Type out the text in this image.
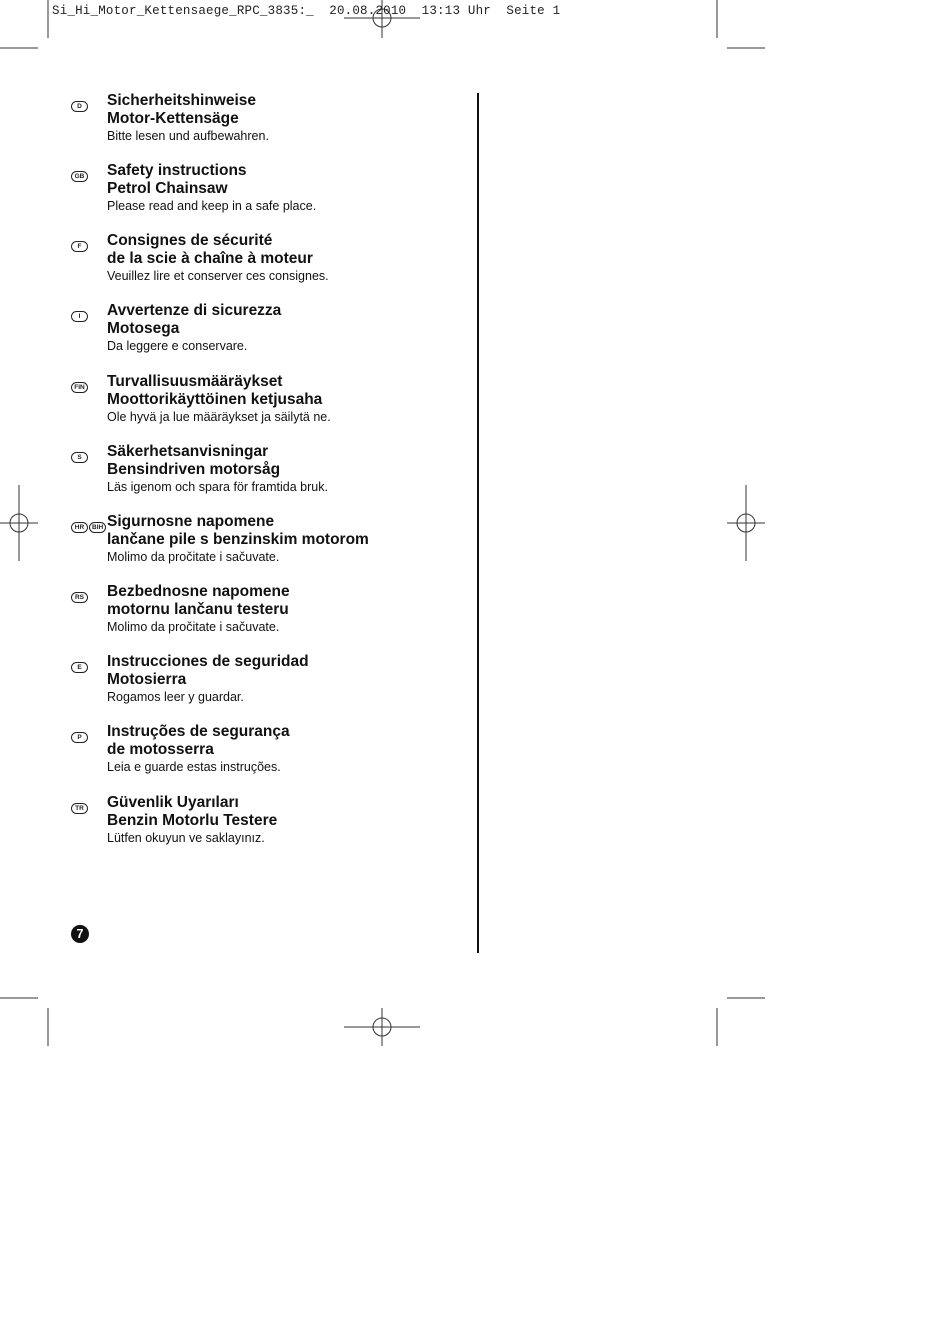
Si_Hi_Motor_Kettensaege_RPC_3835:_  20.08.2010  13:13 Uhr  Seite 1
D	Sicherheitshinweise
Motor-Kettensäge
Bitte lesen und aufbewahren.
GB Safety instructions
Petrol Chainsaw
Please read and keep in a safe place.
F	Consignes de sécurité
de la scie à chaîne à moteur
Veuillez lire et conserver ces consignes.
I	Avvertenze di sicurezza
Motosega
Da leggere e conservare.
FIN Turvallisuusmääräykset
Moottorikäyttöinen ketjusaha
Ole hyvä ja lue määräykset ja säilytä ne.
S	Säkerhetsanvisningar
Bensindriven motorsåg
Läs igenom och spara för framtida bruk.
HR	BIH Sigurnosne napomene
lančane pile s benzinskim motorom
Molimo da pročitate i sačuvate.
RS Bezbednosne napomene
motornu lančanu testeru
Molimo da pročitate i sačuvate.
E	Instrucciones de seguridad
Motosierra
Rogamos leer y guardar.
P	Instruções de segurança
de motosserra
Leia e guarde estas instruções.
TR Güvenlik Uyarıları
Benzin Motorlu Testere
Lütfen okuyun ve saklayınız.
7
